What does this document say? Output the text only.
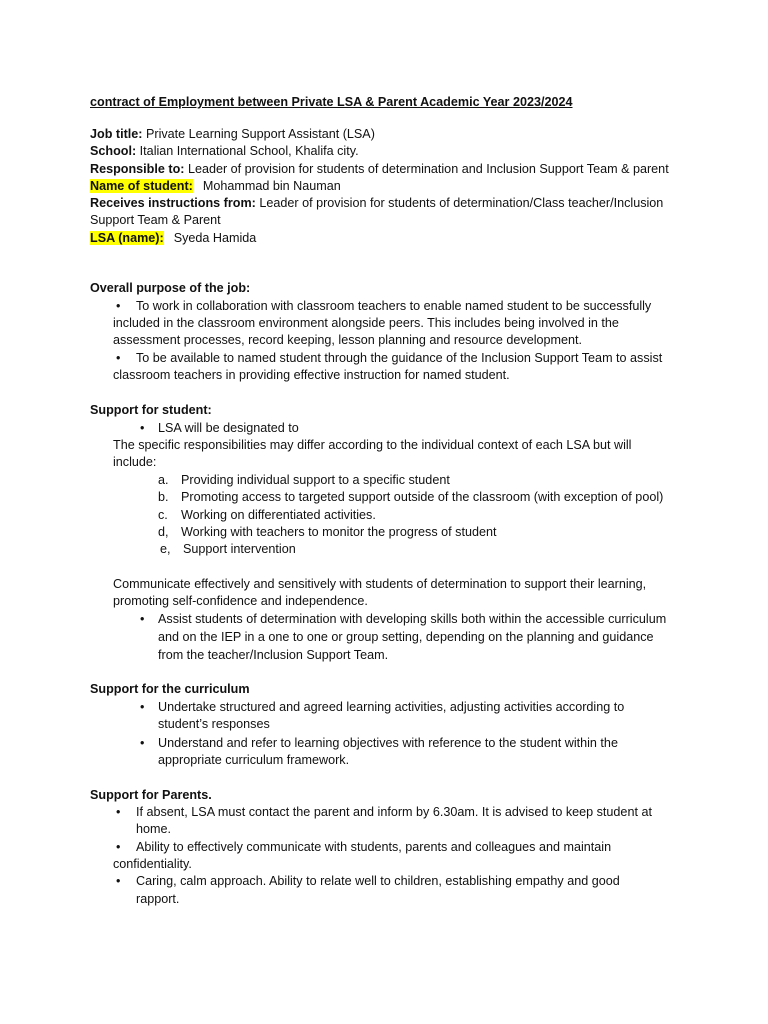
contract of Employment between Private LSA & Parent Academic Year 2023/2024
Job title: Private Learning Support Assistant (LSA)
School: Italian International School, Khalifa city.
Responsible to: Leader of provision for students of determination and Inclusion Support Team & parent
Name of student: Mohammad bin Nauman
Receives instructions from: Leader of provision for students of determination/Class teacher/Inclusion
Support Team & Parent
LSA (name): Syeda Hamida
Overall purpose of the job:
• To work in collaboration with classroom teachers to enable named student to be successfully
included in the classroom environment alongside peers. This includes being involved in the
assessment processes, record keeping, lesson planning and resource development.
• To be available to named student through the guidance of the Inclusion Support Team to assist
classroom teachers in providing effective instruction for named student.
Support for student:
• LSA will be designated to
The specific responsibilities may differ according to the individual context of each LSA but will
include:
a. Providing individual support to a specific student
b. Promoting access to targeted support outside of the classroom (with exception of pool)
c. Working on differentiated activities.
d, Working with teachers to monitor the progress of student
e, Support intervention
Communicate effectively and sensitively with students of determination to support their learning,
promoting self-confidence and independence.
• Assist students of determination with developing skills both within the accessible curriculum
and on the IEP in a one to one or group setting, depending on the planning and guidance
from the teacher/Inclusion Support Team.
Support for the curriculum
• Undertake structured and agreed learning activities, adjusting activities according to
student’s responses
• Understand and refer to learning objectives with reference to the student within the
appropriate curriculum framework.
Support for Parents.
• If absent, LSA must contact the parent and inform by 6.30am. It is advised to keep student at
home.
• Ability to effectively communicate with students, parents and colleagues and maintain
confidentiality.
• Caring, calm approach. Ability to relate well to children, establishing empathy and good
rapport.
